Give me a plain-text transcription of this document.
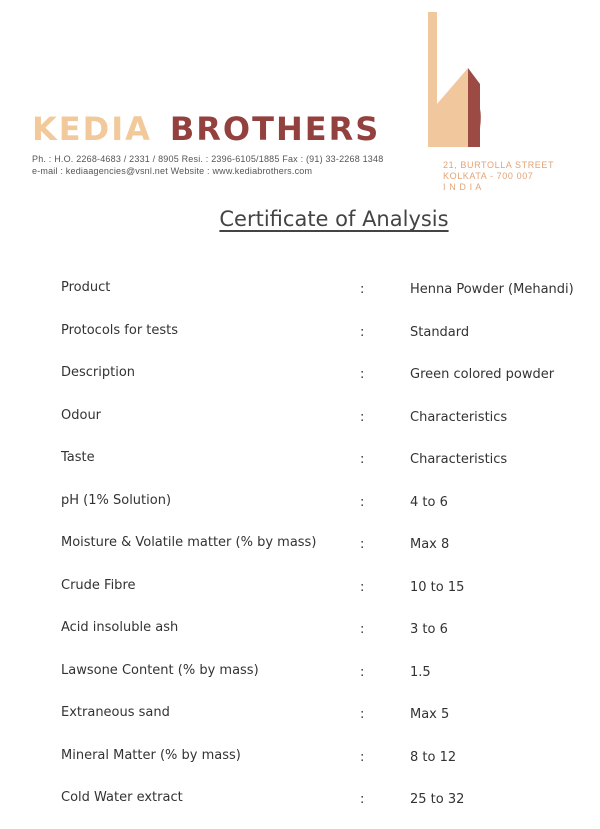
KEDIA BROTHERS
Ph. : H.O. 2268-4683 / 2331 / 8905 Resi. : 2396-6105/1885 Fax : (91) 33-2268 1348
e-mail : kediaagencies@vsnl.net Website : www.kediabrothers.com
21, BURTOLLA STREET
KOLKATA - 700 007
I N D I A
Certificate of Analysis
Product	:	Henna Powder (Mehandi)
Protocols for tests	:	Standard
Description	:	Green colored powder
Odour	:	Characteristics
Taste	:	Characteristics
pH (1% Solution)	:	4 to 6
Moisture & Volatile matter (% by mass)	:	Max 8
Crude Fibre	:	10 to 15
Acid insoluble ash	:	3 to 6
Lawsone Content (% by mass)	:	1.5
Extraneous sand	:	Max 5
Mineral Matter (% by mass)	:	8 to 12
Cold Water extract	:	25 to 32
